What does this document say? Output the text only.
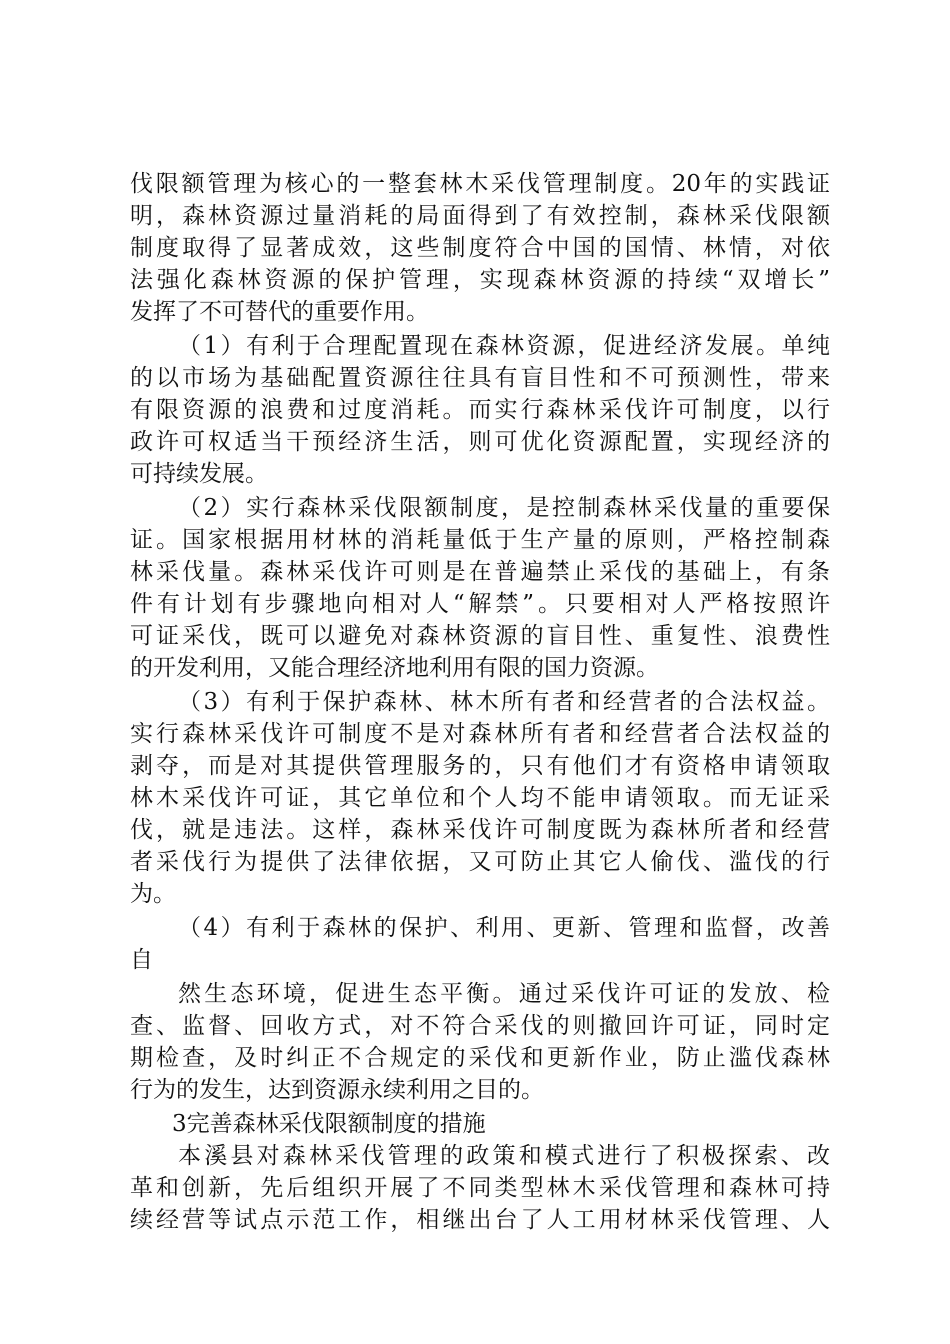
伐限额管理为核心的一整套林木采伐管理制度。20年的实践证
明，森林资源过量消耗的局面得到了有效控制，森林采伐限额
制度取得了显著成效，这些制度符合中国的国情、林情，对依
法强化森林资源的保护管理，实现森林资源的持续“双增长”
发挥了不可替代的重要作用。
（1）有利于合理配置现在森林资源，促进经济发展。单纯
的以市场为基础配置资源往往具有盲目性和不可预测性，带来
有限资源的浪费和过度消耗。而实行森林采伐许可制度，以行
政许可权适当干预经济生活，则可优化资源配置，实现经济的
可持续发展。
（2）实行森林采伐限额制度，是控制森林采伐量的重要保
证。国家根据用材林的消耗量低于生产量的原则，严格控制森
林采伐量。森林采伐许可则是在普遍禁止采伐的基础上，有条
件有计划有步骤地向相对人“解禁”。只要相对人严格按照许
可证采伐，既可以避免对森林资源的盲目性、重复性、浪费性
的开发利用，又能合理经济地利用有限的国力资源。
（3）有利于保护森林、林木所有者和经营者的合法权益。
实行森林采伐许可制度不是对森林所有者和经营者合法权益的
剥夺，而是对其提供管理服务的，只有他们才有资格申请领取
林木采伐许可证，其它单位和个人均不能申请领取。而无证采
伐，就是违法。这样，森林采伐许可制度既为森林所者和经营
者采伐行为提供了法律依据，又可防止其它人偷伐、滥伐的行
为。
（4）有利于森林的保护、利用、更新、管理和监督，改善
自
然生态环境，促进生态平衡。通过采伐许可证的发放、检
查、监督、回收方式，对不符合采伐的则撤回许可证，同时定
期检查，及时纠正不合规定的采伐和更新作业，防止滥伐森林
行为的发生，达到资源永续利用之目的。
3完善森林采伐限额制度的措施
本溪县对森林采伐管理的政策和模式进行了积极探索、改
革和创新，先后组织开展了不同类型林木采伐管理和森林可持
续经营等试点示范工作，相继出台了人工用材林采伐管理、人
